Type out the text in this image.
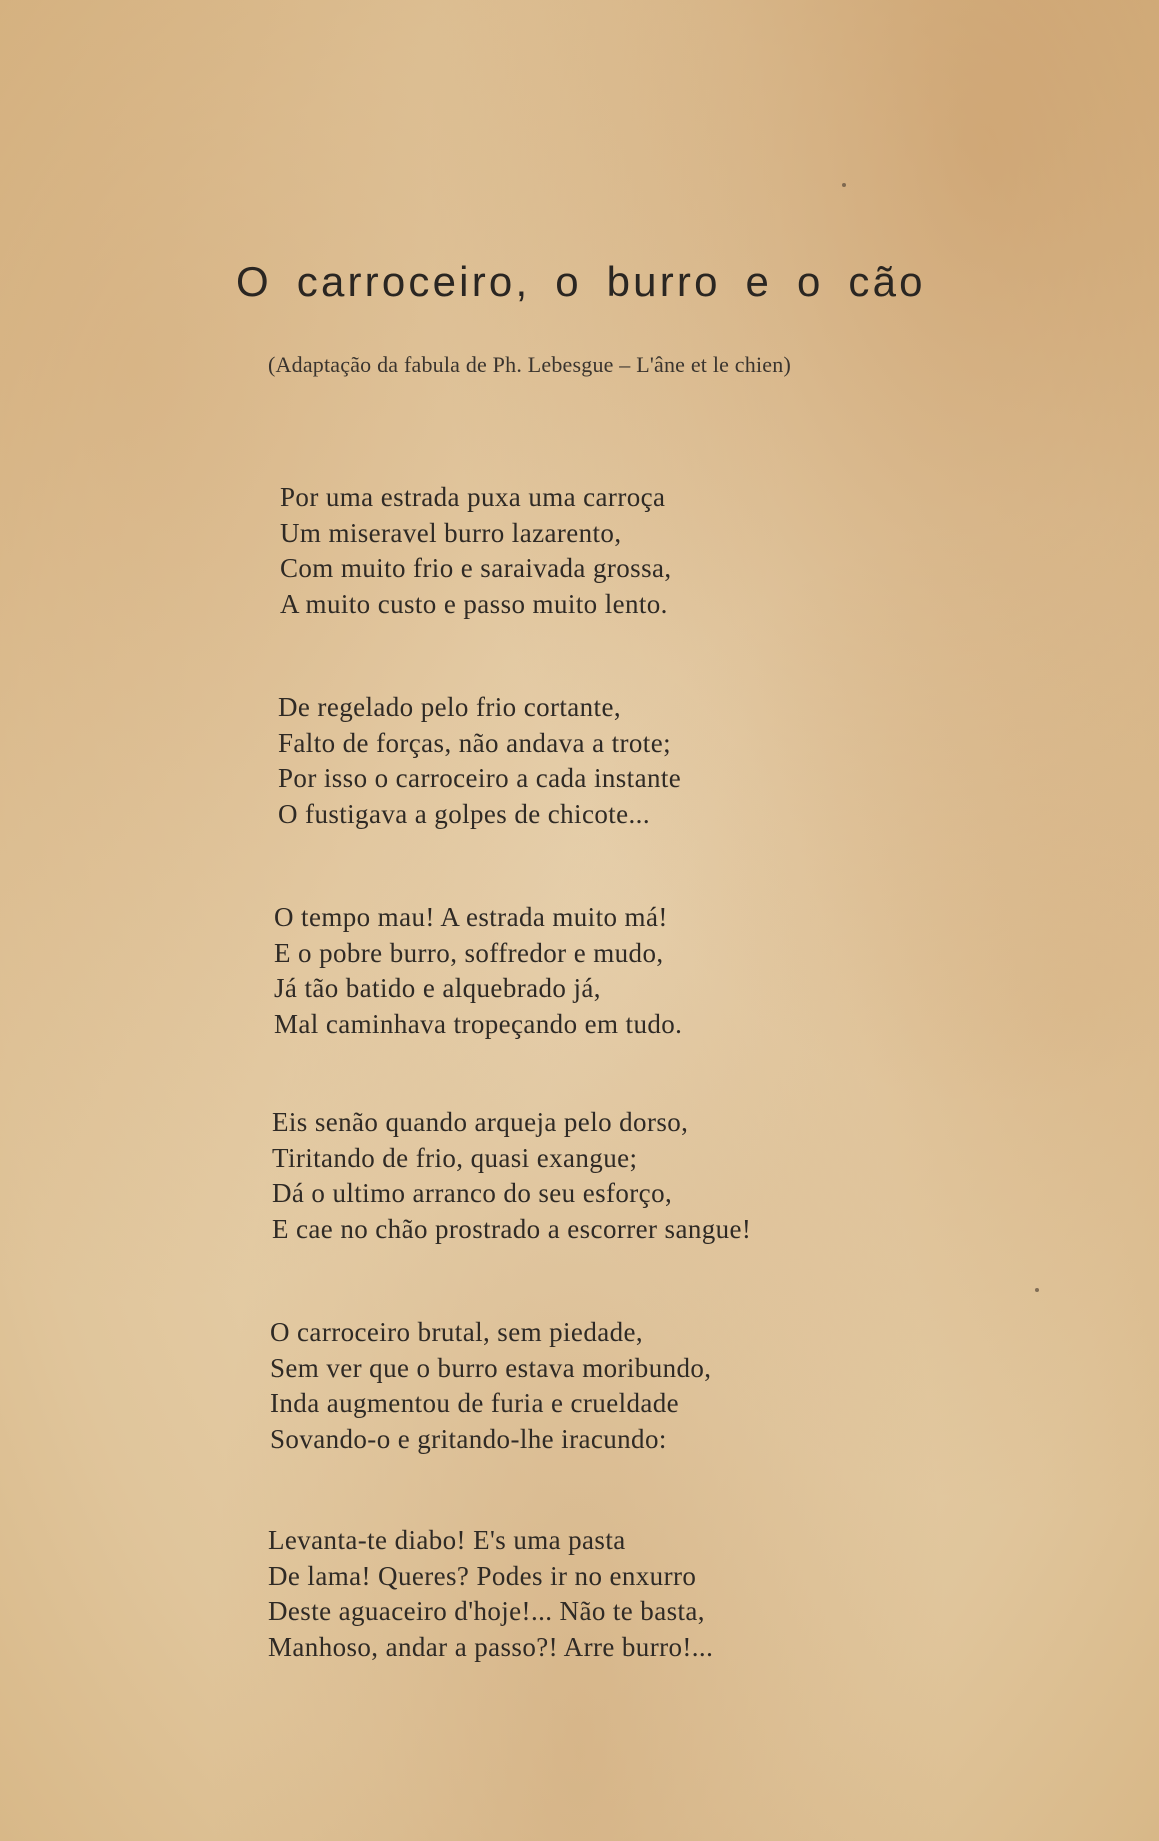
O carroceiro, o burro e o cão
(Adaptação da fabula de Ph. Lebesgue – L'âne et le chien)
Por uma estrada puxa uma carroça
Um miseravel burro lazarento,
Com muito frio e saraivada grossa,
A muito custo e passo muito lento.
De regelado pelo frio cortante,
Falto de forças, não andava a trote;
Por isso o carroceiro a cada instante
O fustigava a golpes de chicote...
O tempo mau! A estrada muito má!
E o pobre burro, soffredor e mudo,
Já tão batido e alquebrado já,
Mal caminhava tropeçando em tudo.
Eis senão quando arqueja pelo dorso,
Tiritando de frio, quasi exangue;
Dá o ultimo arranco do seu esforço,
E cae no chão prostrado a escorrer sangue!
O carroceiro brutal, sem piedade,
Sem ver que o burro estava moribundo,
Inda augmentou de furia e crueldade
Sovando-o e gritando-lhe iracundo:
Levanta-te diabo! E's uma pasta
De lama! Queres? Podes ir no enxurro
Deste aguaceiro d'hoje!... Não te basta,
Manhoso, andar a passo?! Arre burro!...
